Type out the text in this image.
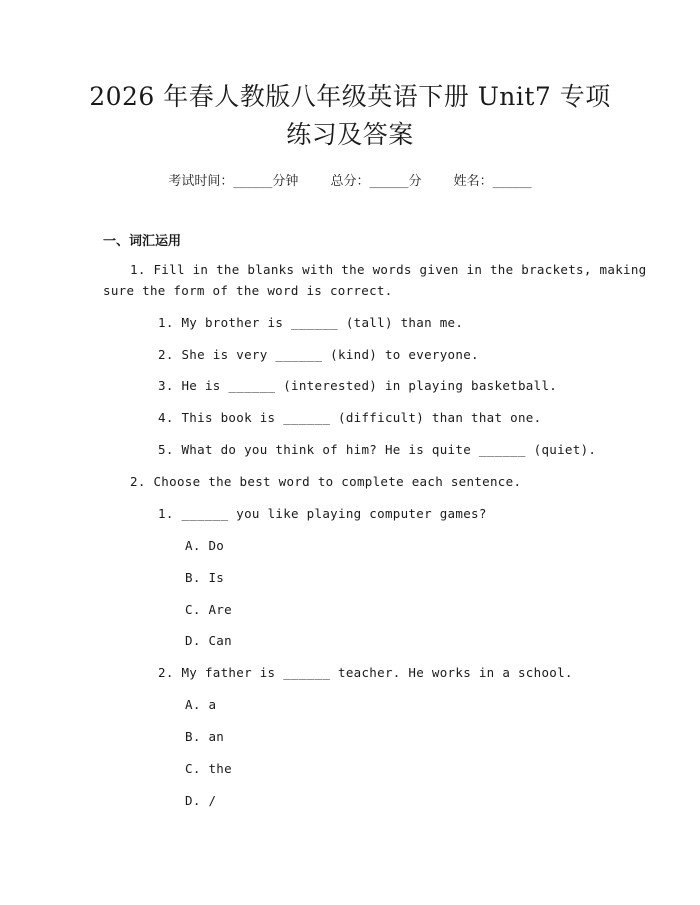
2026 年春人教版八年级英语下册 Unit7 专项
练习及答案
考试时间：______分钟 总分：______分 姓名：______
一、词汇运用
1. Fill in the blanks with the words given in the brackets, making
sure the form of the word is correct.
1. My brother is ______ (tall) than me.
2. She is very ______ (kind) to everyone.
3. He is ______ (interested) in playing basketball.
4. This book is ______ (difficult) than that one.
5. What do you think of him? He is quite ______ (quiet).
2. Choose the best word to complete each sentence.
1. ______ you like playing computer games?
A. Do
B. Is
C. Are
D. Can
2. My father is ______ teacher. He works in a school.
A. a
B. an
C. the
D. /
